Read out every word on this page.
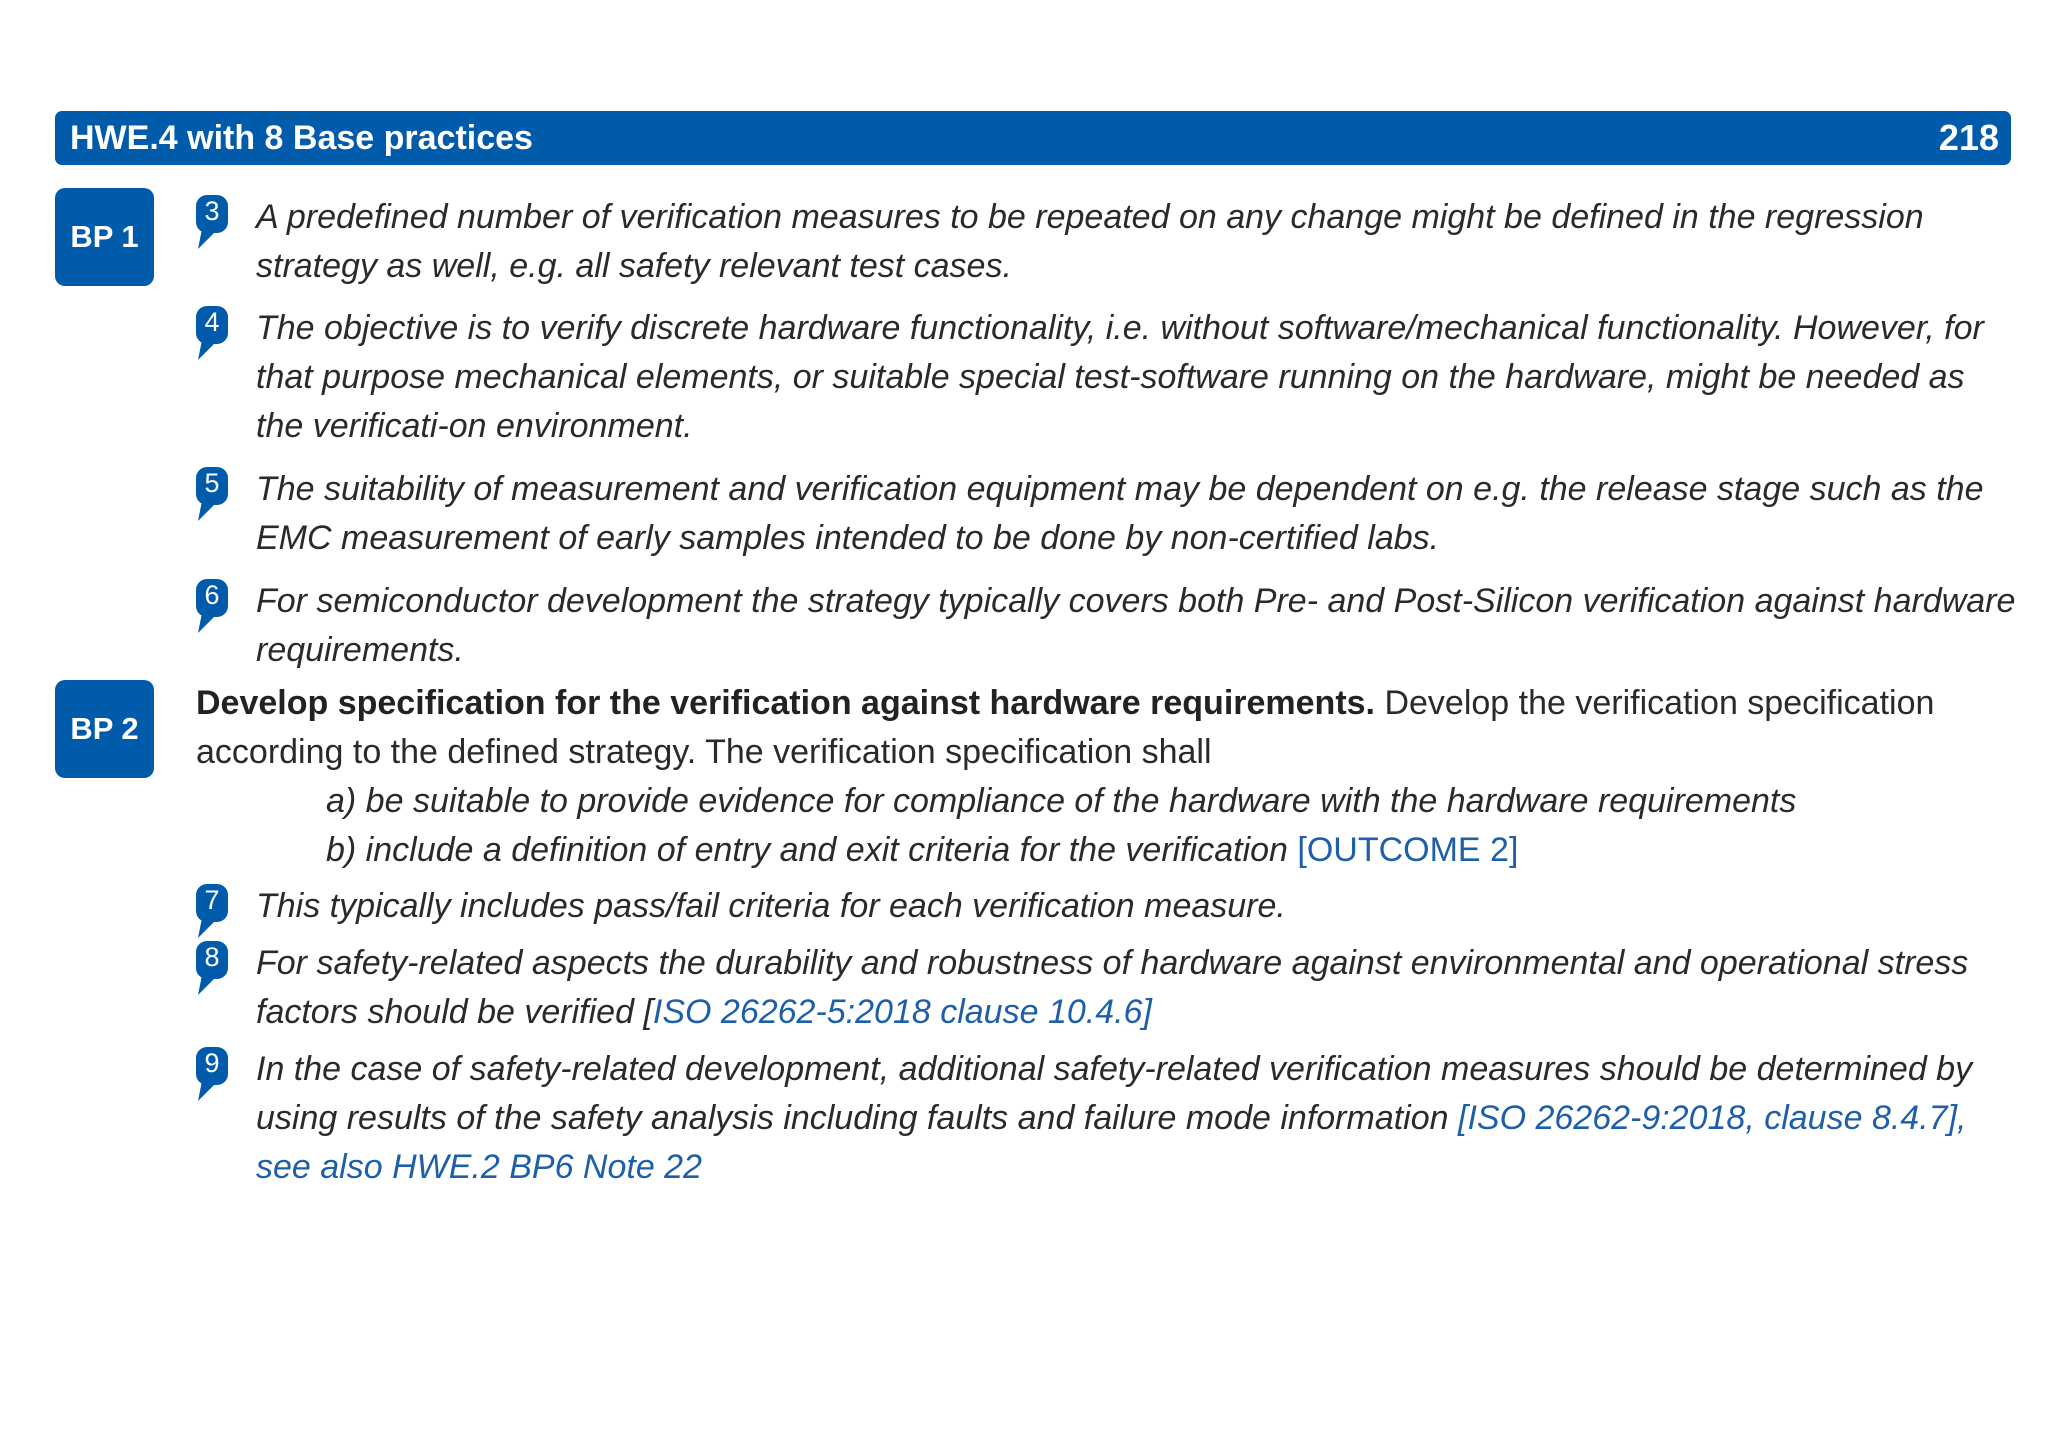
HWE.4 with 8 Base practices	218
BP 1
3 A predefined number of verification measures to be repeated on any change might be defined in the regression strategy as well, e.g. all safety relevant test cases.
4 The objective is to verify discrete hardware functionality, i.e. without software/mechanical functionality. However, for that purpose mechanical elements, or suitable special test-software running on the hardware, might be needed as the verificati-on environment.
5 The suitability of measurement and verification equipment may be dependent on e.g. the release stage such as the EMC measurement of early samples intended to be done by non-certified labs.
6 For semiconductor development the strategy typically covers both Pre- and Post-Silicon verification against hardware requirements.
BP 2
Develop specification for the verification against hardware requirements. Develop the verification specification according to the defined strategy. The verification specification shall
a) be suitable to provide evidence for compliance of the hardware with the hardware requirements
b) include a definition of entry and exit criteria for the verification [OUTCOME 2]
7 This typically includes pass/fail criteria for each verification measure.
8 For safety-related aspects the durability and robustness of hardware against environmental and operational stress factors should be verified [ISO 26262-5:2018 clause 10.4.6]
9 In the case of safety-related development, additional safety-related verification measures should be determined by using results of the safety analysis including faults and failure mode information [ISO 26262-9:2018, clause 8.4.7], see also HWE.2 BP6 Note 22
